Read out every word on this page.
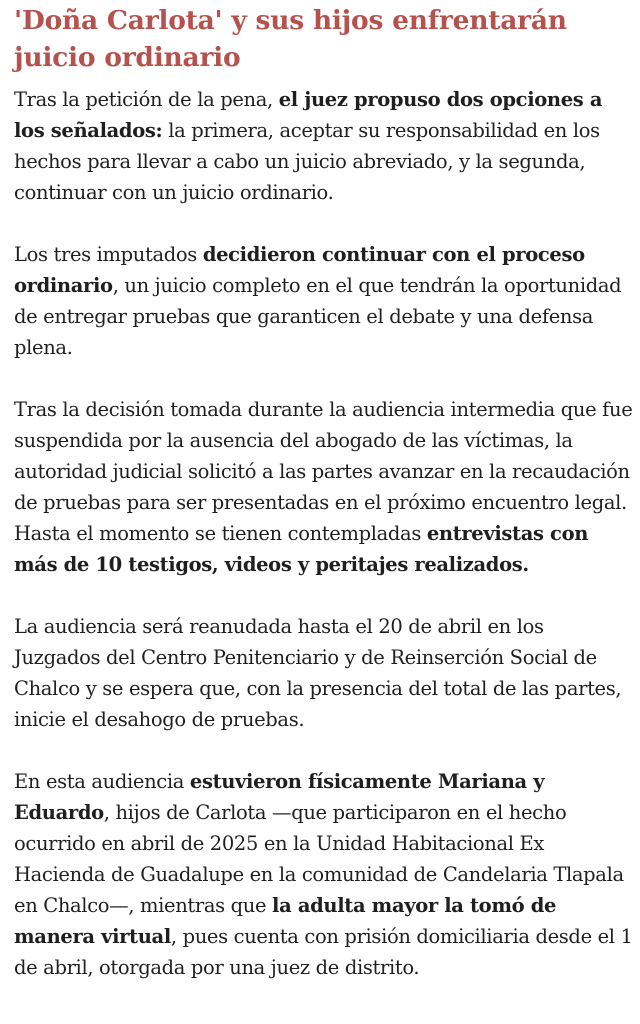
'Doña Carlota' y sus hijos enfrentarán juicio ordinario

Tras la petición de la pena, el juez propuso dos opciones a los señalados: la primera, aceptar su responsabilidad en los hechos para llevar a cabo un juicio abreviado, y la segunda, continuar con un juicio ordinario.

Los tres imputados decidieron continuar con el proceso ordinario, un juicio completo en el que tendrán la oportunidad de entregar pruebas que garanticen el debate y una defensa plena.

Tras la decisión tomada durante la audiencia intermedia que fue suspendida por la ausencia del abogado de las víctimas, la autoridad judicial solicitó a las partes avanzar en la recaudación de pruebas para ser presentadas en el próximo encuentro legal. Hasta el momento se tienen contempladas entrevistas con más de 10 testigos, videos y peritajes realizados.

La audiencia será reanudada hasta el 20 de abril en los Juzgados del Centro Penitenciario y de Reinserción Social de Chalco y se espera que, con la presencia del total de las partes, inicie el desahogo de pruebas.

En esta audiencia estuvieron físicamente Mariana y Eduardo, hijos de Carlota —que participaron en el hecho ocurrido en abril de 2025 en la Unidad Habitacional Ex Hacienda de Guadalupe en la comunidad de Candelaria Tlapala en Chalco—, mientras que la adulta mayor la tomó de manera virtual, pues cuenta con prisión domiciliaria desde el 1 de abril, otorgada por una juez de distrito.
